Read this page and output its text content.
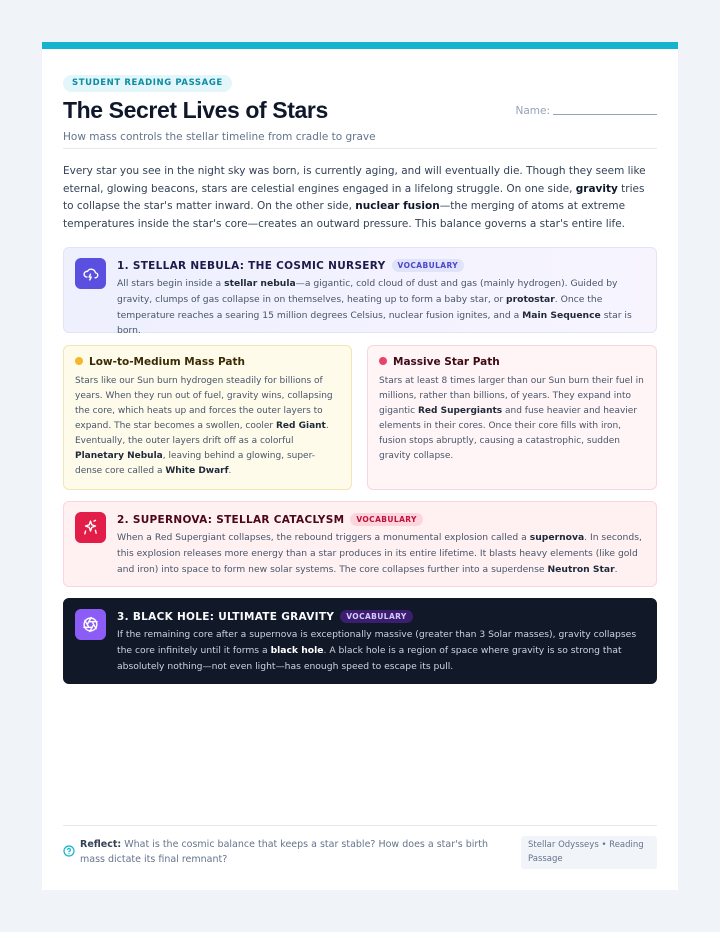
STUDENT READING PASSAGE
The Secret Lives of Stars
How mass controls the stellar timeline from cradle to grave
Name:

Every star you see in the night sky was born, is currently aging, and will eventually die. Though they seem like eternal, glowing beacons, stars are celestial engines engaged in a lifelong struggle. On one side, gravity tries to collapse the star's matter inward. On the other side, nuclear fusion—the merging of atoms at extreme temperatures inside the star's core—creates an outward pressure. This balance governs a star's entire life.

1. STELLAR NEBULA: THE COSMIC NURSERY VOCABULARY

All stars begin inside a stellar nebula—a gigantic, cold cloud of dust and gas (mainly hydrogen). Guided by gravity, clumps of gas collapse in on themselves, heating up to form a baby star, or protostar. Once the temperature reaches a searing 15 million degrees Celsius, nuclear fusion ignites, and a Main Sequence star is born.

Low-to-Medium Mass Path

Stars like our Sun burn hydrogen steadily for billions of years. When they run out of fuel, gravity wins, collapsing the core, which heats up and forces the outer layers to expand. The star becomes a swollen, cooler Red Giant. Eventually, the outer layers drift off as a colorful Planetary Nebula, leaving behind a glowing, super-dense core called a White Dwarf.

Massive Star Path

Stars at least 8 times larger than our Sun burn their fuel in millions, rather than billions, of years. They expand into gigantic Red Supergiants and fuse heavier and heavier elements in their cores. Once their core fills with iron, fusion stops abruptly, causing a catastrophic, sudden gravity collapse.

2. SUPERNOVA: STELLAR CATACLYSM VOCABULARY

When a Red Supergiant collapses, the rebound triggers a monumental explosion called a supernova. In seconds, this explosion releases more energy than a star produces in its entire lifetime. It blasts heavy elements (like gold and iron) into space to form new solar systems. The core collapses further into a superdense Neutron Star.

3. BLACK HOLE: ULTIMATE GRAVITY VOCABULARY

If the remaining core after a supernova is exceptionally massive (greater than 3 Solar masses), gravity collapses the core infinitely until it forms a black hole. A black hole is a region of space where gravity is so strong that absolutely nothing—not even light—has enough speed to escape its pull.

Reflect: What is the cosmic balance that keeps a star stable? How does a star's birth mass dictate its final remnant?

Stellar Odysseys • Reading Passage
